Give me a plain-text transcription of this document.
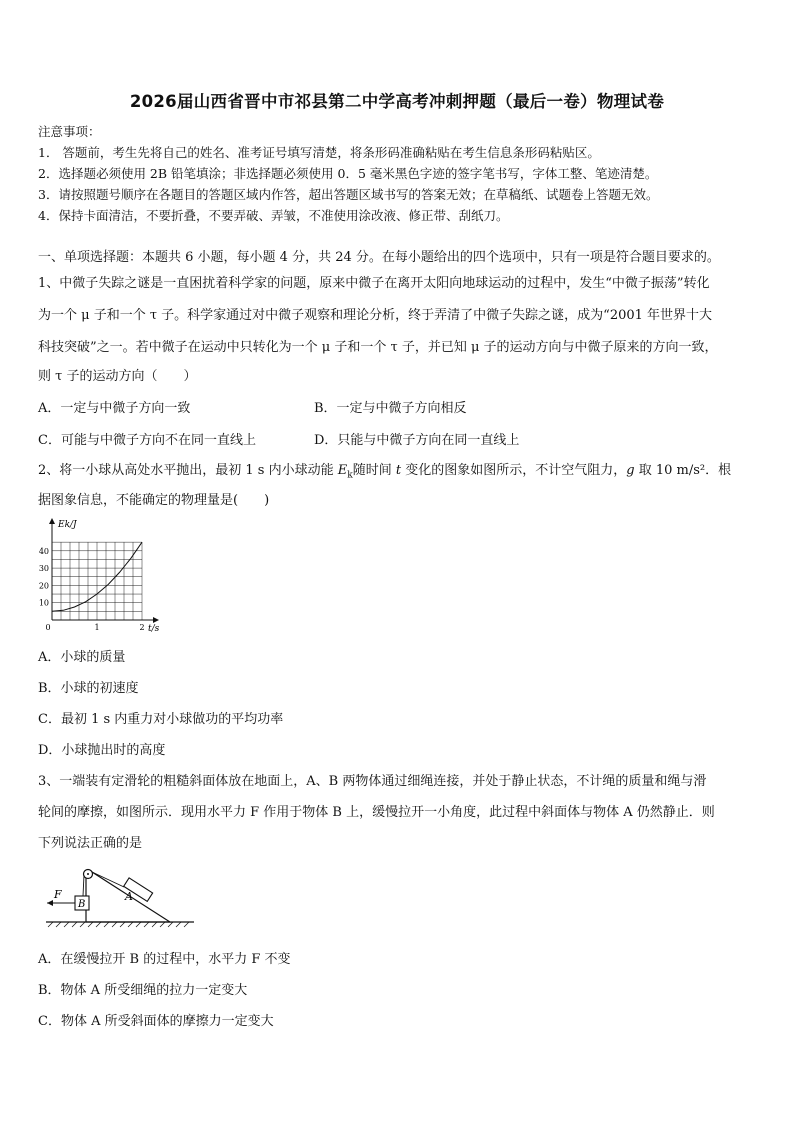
2026届山西省晋中市祁县第二中学高考冲刺押题（最后一卷）物理试卷
注意事项：
1． 答题前，考生先将自己的姓名、准考证号填写清楚，将条形码准确粘贴在考生信息条形码粘贴区。
2．选择题必须使用 2B 铅笔填涂；非选择题必须使用 0．5 毫米黑色字迹的签字笔书写，字体工整、笔迹清楚。
3．请按照题号顺序在各题目的答题区域内作答，超出答题区域书写的答案无效；在草稿纸、试题卷上答题无效。
4．保持卡面清洁，不要折叠，不要弄破、弄皱，不准使用涂改液、修正带、刮纸刀。
一、单项选择题：本题共 6 小题，每小题 4 分，共 24 分。在每小题给出的四个选项中，只有一项是符合题目要求的。
1、中微子失踪之谜是一直困扰着科学家的问题，原来中微子在离开太阳向地球运动的过程中，发生“中微子振荡”转化
为一个 μ 子和一个 τ 子。科学家通过对中微子观察和理论分析，终于弄清了中微子失踪之谜，成为“2001 年世界十大
科技突破”之一。若中微子在运动中只转化为一个 μ 子和一个 τ 子，并已知 μ 子的运动方向与中微子原来的方向一致，
则 τ 子的运动方向（　　）
A．一定与中微子方向一致	B．一定与中微子方向相反
C．可能与中微子方向不在同一直线上	D．只能与中微子方向在同一直线上
2、将一小球从高处水平抛出，最初 1 s 内小球动能 $E_k$随时间 t 变化的图象如图所示，不计空气阻力，g 取 10 m/s²．根
据图象信息，不能确定的物理量是(　　)
10
20
30
40
0	1	2
Ek/J
t/s
A．小球的质量
B．小球的初速度
C．最初 1 s 内重力对小球做功的平均功率
D．小球抛出时的高度
3、一端装有定滑轮的粗糙斜面体放在地面上，A、B 两物体通过细绳连接，并处于静止状态，不计绳的质量和绳与滑
轮间的摩擦，如图所示．现用水平力 F 作用于物体 B 上，缓慢拉开一小角度，此过程中斜面体与物体 A 仍然静止．则
下列说法正确的是
A
B
F
A．在缓慢拉开 B 的过程中，水平力 F 不变
B．物体 A 所受细绳的拉力一定变大
C．物体 A 所受斜面体的摩擦力一定变大
